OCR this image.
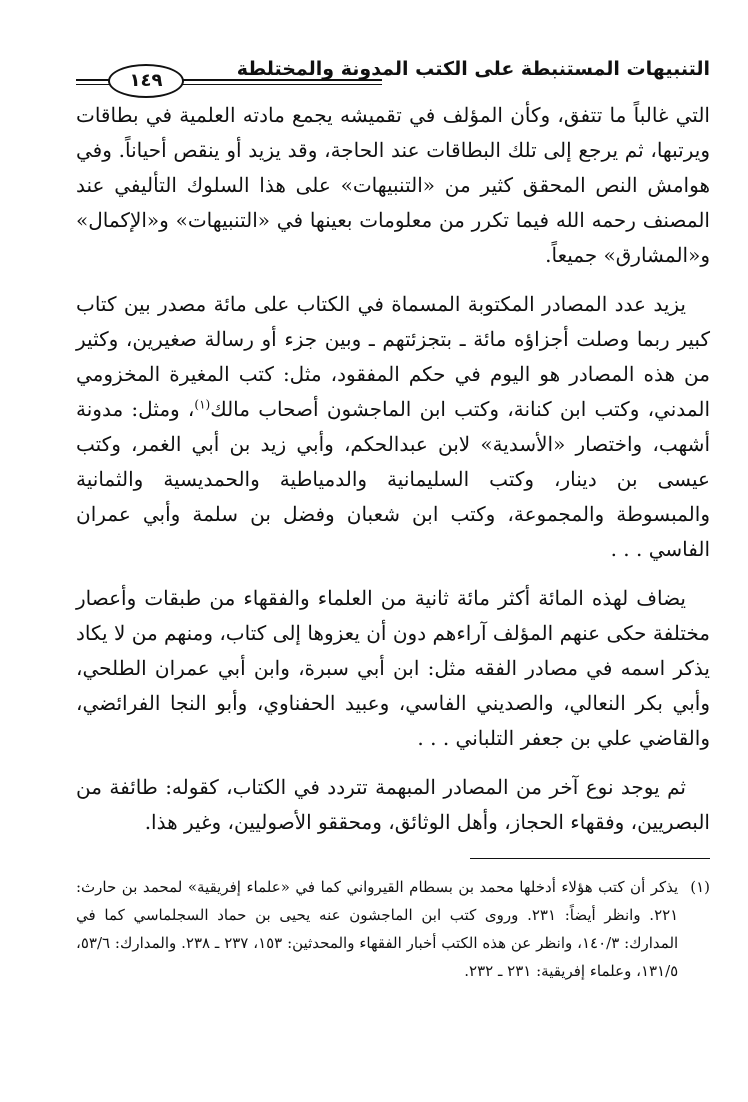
التنبيهات المستنبطة على الكتب المدونة والمختلطة
١٤٩

التي غالباً ما تتفق، وكأن المؤلف في تقميشه يجمع مادته العلمية في بطاقات ويرتبها، ثم يرجع إلى تلك البطاقات عند الحاجة، وقد يزيد أو ينقص أحياناً. وفي هوامش النص المحقق كثير من «التنبيهات» على هذا السلوك التأليفي عند المصنف رحمه الله فيما تكرر من معلومات بعينها في «التنبيهات» و«الإكمال» و«المشارق» جميعاً.

يزيد عدد المصادر المكتوبة المسماة في الكتاب على مائة مصدر بين كتاب كبير ربما وصلت أجزاؤه مائة ـ بتجزئتهم ـ وبين جزء أو رسالة صغيرين، وكثير من هذه المصادر هو اليوم في حكم المفقود، مثل: كتب المغيرة المخزومي المدني، وكتب ابن كنانة، وكتب ابن الماجشون أصحاب مالك$^{(١)}$، ومثل: مدونة أشهب، واختصار «الأسدية» لابن عبدالحكم، وأبي زيد بن أبي الغمر، وكتب عيسى بن دينار، وكتب السليمانية والدمياطية والحمديسية والثمانية والمبسوطة والمجموعة، وكتب ابن شعبان وفضل بن سلمة وأبي عمران الفاسي . . .

يضاف لهذه المائة أكثر مائة ثانية من العلماء والفقهاء من طبقات وأعصار مختلفة حكى عنهم المؤلف آراءهم دون أن يعزوها إلى كتاب، ومنهم من لا يكاد يذكر اسمه في مصادر الفقه مثل: ابن أبي سبرة، وابن أبي عمران الطلحي، وأبي بكر النعالي، والصديني الفاسي، وعبيد الحفناوي، وأبو النجا الفرائضي، والقاضي علي بن جعفر التلباني . . .

ثم يوجد نوع آخر من المصادر المبهمة تتردد في الكتاب، كقوله: طائفة من البصريين، وفقهاء الحجاز، وأهل الوثائق، ومحققو الأصوليين، وغير هذا.

(١)
يذكر أن كتب هؤلاء أدخلها محمد بن بسطام القيرواني كما في «علماء إفريقية» لمحمد بن حارث: ٢٢١. وانظر أيضاً: ٢٣١. وروى كتب ابن الماجشون عنه يحيى بن حماد السجلماسي كما في المدارك: ١٤٠/٣، وانظر عن هذه الكتب أخبار الفقهاء والمحدثين: ١٥٣، ٢٣٧ ـ ٢٣٨. والمدارك: ٥٣/٦، ١٣١/٥، وعلماء إفريقية: ٢٣١ ـ ٢٣٢.
